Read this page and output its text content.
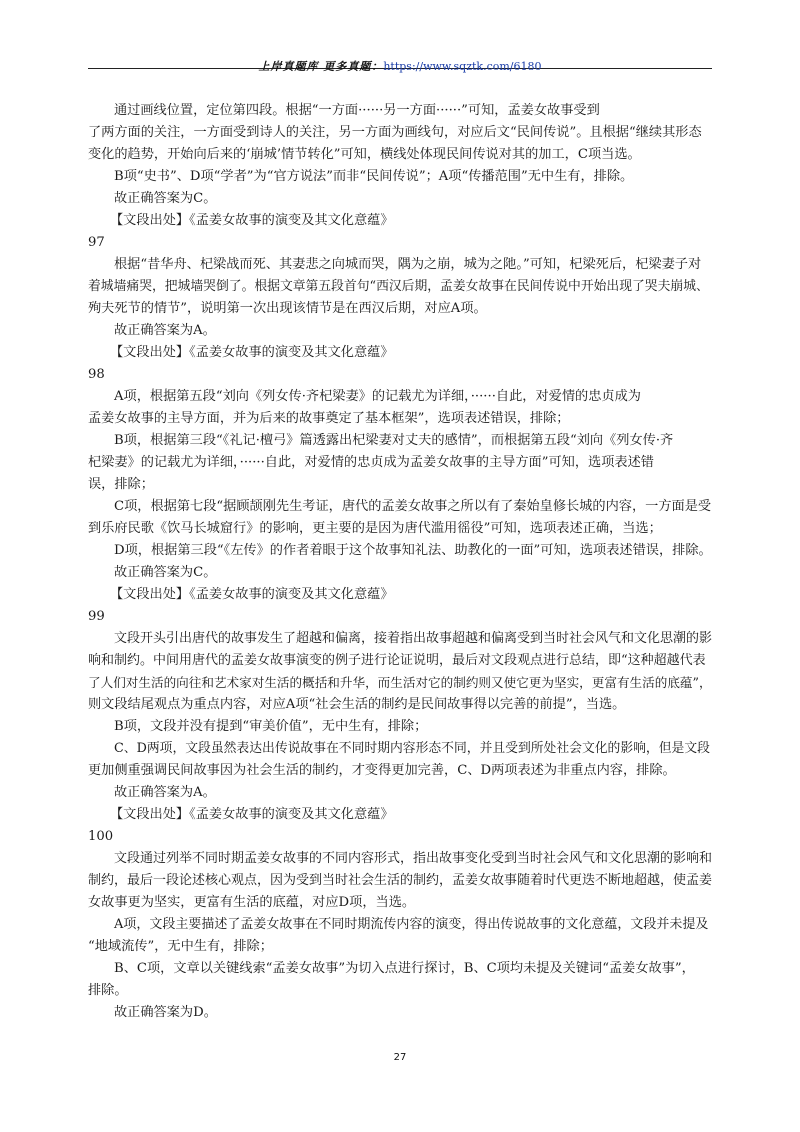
上岸真题库 更多真题：https://www.sqztk.com/6180
通过画线位置，定位第四段。根据“一方面······另一方面······”可知，孟姜女故事受到
了两方面的关注，一方面受到诗人的关注，另一方面为画线句，对应后文“民间传说”。且根据“继续其形态
变化的趋势，开始向后来的‘崩城’情节转化”可知，横线处体现民间传说对其的加工，C项当选。
B项“史书”、D项“学者”为“官方说法”而非“民间传说”；A项“传播范围”无中生有，排除。
故正确答案为C。
【文段出处】《孟姜女故事的演变及其文化意蕴》
97
根据“昔华舟、杞梁战而死、其妻悲之向城而哭，隅为之崩，城为之阤。”可知，杞梁死后，杞梁妻子对
着城墙痛哭，把城墙哭倒了。根据文章第五段首句“西汉后期，孟姜女故事在民间传说中开始出现了哭夫崩城、
殉夫死节的情节”，说明第一次出现该情节是在西汉后期，对应A项。
故正确答案为A。
【文段出处】《孟姜女故事的演变及其文化意蕴》
98
A项，根据第五段“刘向《列女传·齐杞梁妻》的记载尤为详细，······自此，对爱情的忠贞成为
孟姜女故事的主导方面，并为后来的故事奠定了基本框架”，选项表述错误，排除；
B项，根据第三段“《礼记·檀弓》篇透露出杞梁妻对丈夫的感情”，而根据第五段“刘向《列女传·齐
杞梁妻》的记载尤为详细，······自此，对爱情的忠贞成为孟姜女故事的主导方面”可知，选项表述错
误，排除；
C项，根据第七段“据顾颉刚先生考证，唐代的孟姜女故事之所以有了秦始皇修长城的内容，一方面是受
到乐府民歌《饮马长城窟行》的影响，更主要的是因为唐代滥用徭役”可知，选项表述正确，当选；
D项，根据第三段“《左传》的作者着眼于这个故事知礼法、助教化的一面”可知，选项表述错误，排除。
故正确答案为C。
【文段出处】《孟姜女故事的演变及其文化意蕴》
99
文段开头引出唐代的故事发生了超越和偏离，接着指出故事超越和偏离受到当时社会风气和文化思潮的影
响和制约。中间用唐代的孟姜女故事演变的例子进行论证说明，最后对文段观点进行总结，即“这种超越代表
了人们对生活的向往和艺术家对生活的概括和升华，而生活对它的制约则又使它更为坚实，更富有生活的底蕴”，
则文段结尾观点为重点内容，对应A项“社会生活的制约是民间故事得以完善的前提”，当选。
B项，文段并没有提到“审美价值”，无中生有，排除；
C、D两项，文段虽然表达出传说故事在不同时期内容形态不同，并且受到所处社会文化的影响，但是文段
更加侧重强调民间故事因为社会生活的制约，才变得更加完善，C、D两项表述为非重点内容，排除。
故正确答案为A。
【文段出处】《孟姜女故事的演变及其文化意蕴》
100
文段通过列举不同时期孟姜女故事的不同内容形式，指出故事变化受到当时社会风气和文化思潮的影响和
制约，最后一段论述核心观点，因为受到当时社会生活的制约，孟姜女故事随着时代更迭不断地超越，使孟姜
女故事更为坚实，更富有生活的底蕴，对应D项，当选。
A项，文段主要描述了孟姜女故事在不同时期流传内容的演变，得出传说故事的文化意蕴，文段并未提及
“地域流传”，无中生有，排除；
B、C项，文章以关键线索“孟姜女故事”为切入点进行探讨，B、C项均未提及关键词“孟姜女故事”，
排除。
故正确答案为D。
27
